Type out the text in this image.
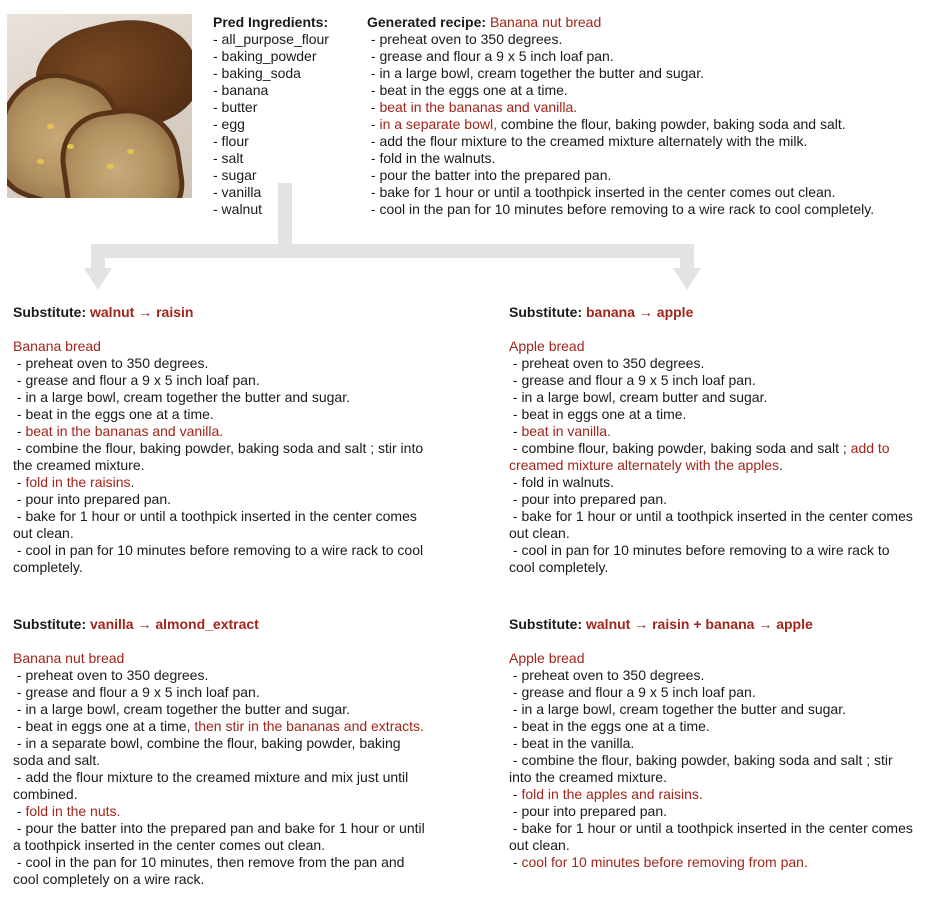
Pred Ingredients:
- all_purpose_flour
- baking_powder
- baking_soda
- banana
- butter
- egg
- flour
- salt
- sugar
- vanilla
- walnut
Generated recipe: Banana nut bread
- preheat oven to 350 degrees.
- grease and flour a 9 x 5 inch loaf pan.
- in a large bowl, cream together the butter and sugar.
- beat in the eggs one at a time.
- beat in the bananas and vanilla.
- in a separate bowl, combine the flour, baking powder, baking soda and salt.
- add the flour mixture to the creamed mixture alternately with the milk.
- fold in the walnuts.
- pour the batter into the prepared pan.
- bake for 1 hour or until a toothpick inserted in the center comes out clean.
- cool in the pan for 10 minutes before removing to a wire rack to cool completely.
Substitute: walnut → raisin
Banana bread
- preheat oven to 350 degrees.
- grease and flour a 9 x 5 inch loaf pan.
- in a large bowl, cream together the butter and sugar.
- beat in the eggs one at a time.
- beat in the bananas and vanilla.
- combine the flour, baking powder, baking soda and salt ; stir into the creamed mixture.
- fold in the raisins.
- pour into prepared pan.
- bake for 1 hour or until a toothpick inserted in the center comes out clean.
- cool in pan for 10 minutes before removing to a wire rack to cool completely.
Substitute: banana → apple
Apple bread
- preheat oven to 350 degrees.
- grease and flour a 9 x 5 inch loaf pan.
- in a large bowl, cream butter and sugar.
- beat in eggs one at a time.
- beat in vanilla.
- combine flour, baking powder, baking soda and salt ; add to creamed mixture alternately with the apples.
- fold in walnuts.
- pour into prepared pan.
- bake for 1 hour or until a toothpick inserted in the center comes out clean.
- cool in pan for 10 minutes before removing to a wire rack to cool completely.
Substitute: vanilla → almond_extract
Banana nut bread
- preheat oven to 350 degrees.
- grease and flour a 9 x 5 inch loaf pan.
- in a large bowl, cream together the butter and sugar.
- beat in eggs one at a time, then stir in the bananas and extracts.
- in a separate bowl, combine the flour, baking powder, baking soda and salt.
- add the flour mixture to the creamed mixture and mix just until combined.
- fold in the nuts.
- pour the batter into the prepared pan and bake for 1 hour or until a toothpick inserted in the center comes out clean.
- cool in the pan for 10 minutes, then remove from the pan and cool completely on a wire rack.
Substitute: walnut → raisin + banana → apple
Apple bread
- preheat oven to 350 degrees.
- grease and flour a 9 x 5 inch loaf pan.
- in a large bowl, cream together the butter and sugar.
- beat in the eggs one at a time.
- beat in the vanilla.
- combine the flour, baking powder, baking soda and salt ; stir into the creamed mixture.
- fold in the apples and raisins.
- pour into prepared pan.
- bake for 1 hour or until a toothpick inserted in the center comes out clean.
- cool for 10 minutes before removing from pan.
